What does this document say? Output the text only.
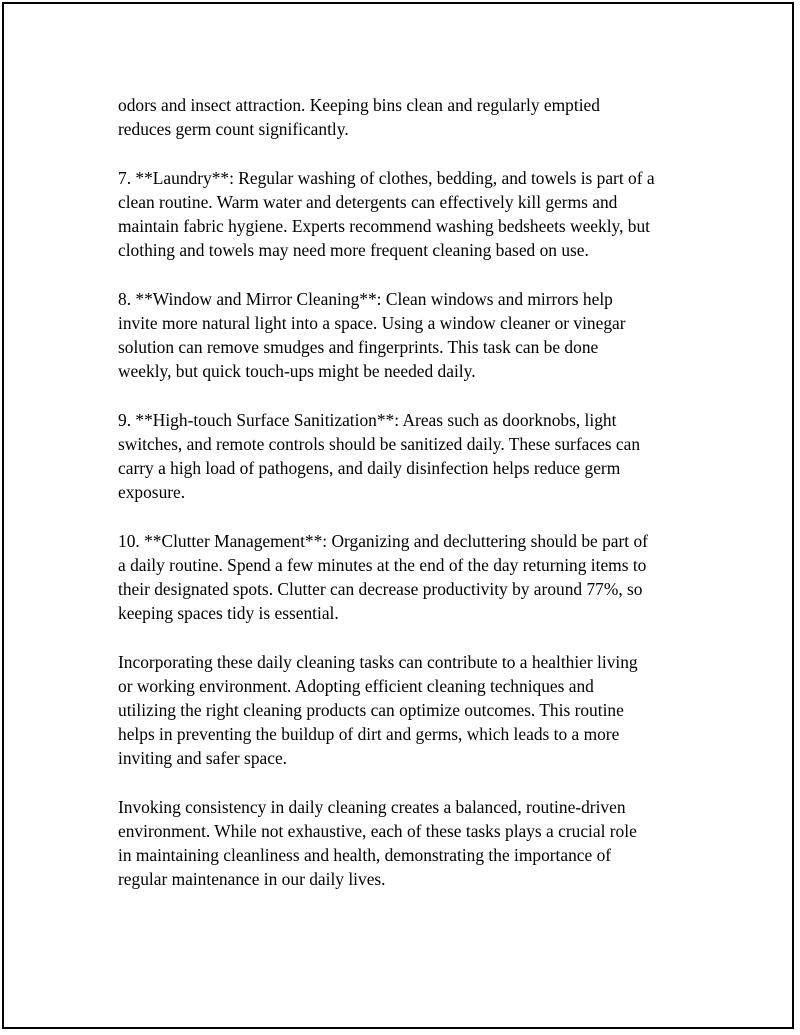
odors and insect attraction. Keeping bins clean and regularly emptied
reduces germ count significantly.

7. **Laundry**: Regular washing of clothes, bedding, and towels is part of a
clean routine. Warm water and detergents can effectively kill germs and
maintain fabric hygiene. Experts recommend washing bedsheets weekly, but
clothing and towels may need more frequent cleaning based on use.

8. **Window and Mirror Cleaning**: Clean windows and mirrors help
invite more natural light into a space. Using a window cleaner or vinegar
solution can remove smudges and fingerprints. This task can be done
weekly, but quick touch-ups might be needed daily.

9. **High-touch Surface Sanitization**: Areas such as doorknobs, light
switches, and remote controls should be sanitized daily. These surfaces can
carry a high load of pathogens, and daily disinfection helps reduce germ
exposure.

10. **Clutter Management**: Organizing and decluttering should be part of
a daily routine. Spend a few minutes at the end of the day returning items to
their designated spots. Clutter can decrease productivity by around 77%, so
keeping spaces tidy is essential.

Incorporating these daily cleaning tasks can contribute to a healthier living
or working environment. Adopting efficient cleaning techniques and
utilizing the right cleaning products can optimize outcomes. This routine
helps in preventing the buildup of dirt and germs, which leads to a more
inviting and safer space.

Invoking consistency in daily cleaning creates a balanced, routine-driven
environment. While not exhaustive, each of these tasks plays a crucial role
in maintaining cleanliness and health, demonstrating the importance of
regular maintenance in our daily lives.
